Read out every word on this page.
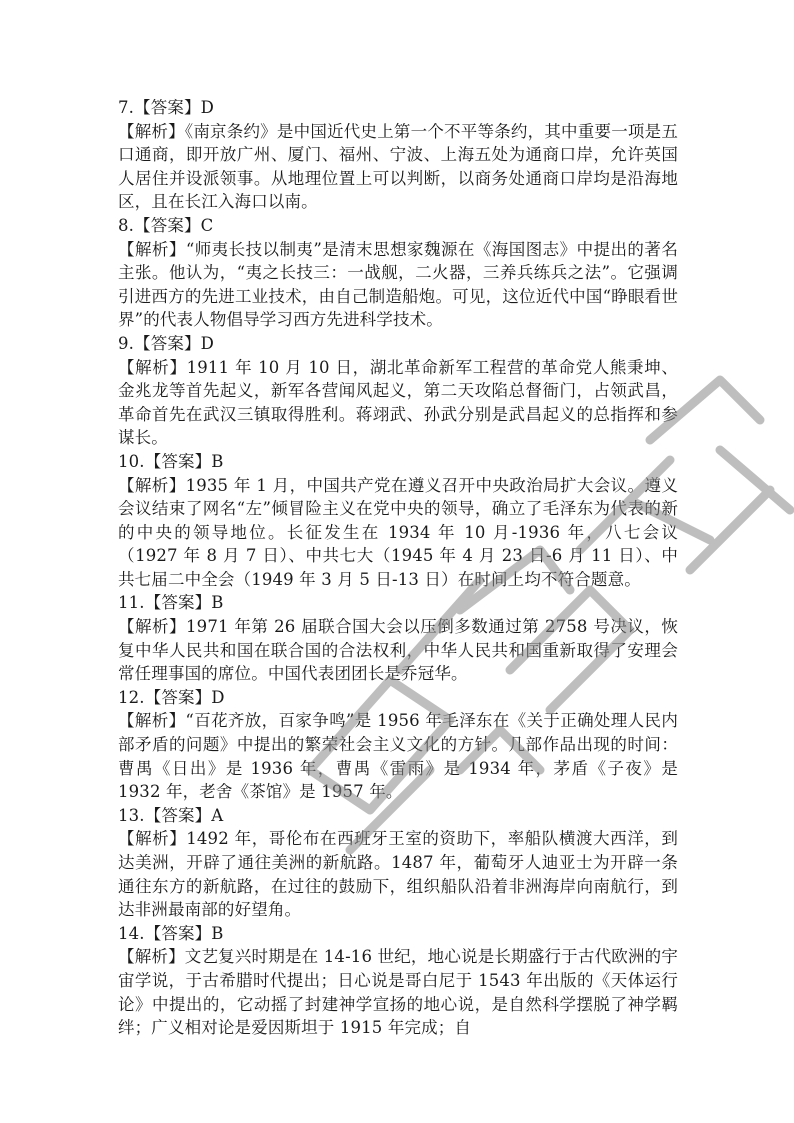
7.【答案】D

【解析】《南京条约》是中国近代史上第一个不平等条约，其中重要一项是五口通商，即开放广州、厦门、福州、宁波、上海五处为通商口岸，允许英国人居住并设派领事。从地理位置上可以判断，以商务处通商口岸均是沿海地区，且在长江入海口以南。

8.【答案】C

【解析】“师夷长技以制夷”是清末思想家魏源在《海国图志》中提出的著名主张。他认为，“夷之长技三：一战舰，二火器，三养兵练兵之法”。它强调引进西方的先进工业技术，由自己制造船炮。可见，这位近代中国“睁眼看世界”的代表人物倡导学习西方先进科学技术。

9.【答案】D

【解析】1911 年 10 月 10 日，湖北革命新军工程营的革命党人熊秉坤、金兆龙等首先起义，新军各营闻风起义，第二天攻陷总督衙门，占领武昌，革命首先在武汉三镇取得胜利。蒋翊武、孙武分别是武昌起义的总指挥和参谋长。

10.【答案】B

【解析】1935 年 1 月，中国共产党在遵义召开中央政治局扩大会议。遵义会议结束了网名“左”倾冒险主义在党中央的领导，确立了毛泽东为代表的新的中央的领导地位。长征发生在 1934 年 10 月-1936 年，八七会议（1927 年 8 月 7 日）、中共七大（1945 年 4 月 23 日-6 月 11 日）、中共七届二中全会（1949 年 3 月 5 日-13 日）在时间上均不符合题意。

11.【答案】B

【解析】1971 年第 26 届联合国大会以压倒多数通过第 2758 号决议，恢复中华人民共和国在联合国的合法权利，中华人民共和国重新取得了安理会常任理事国的席位。中国代表团团长是乔冠华。

12.【答案】D

【解析】“百花齐放，百家争鸣”是 1956 年毛泽东在《关于正确处理人民内部矛盾的问题》中提出的繁荣社会主义文化的方针。几部作品出现的时间：曹禺《日出》是 1936 年，曹禺《雷雨》是 1934 年，茅盾《子夜》是 1932 年，老舍《茶馆》是 1957 年。

13.【答案】A

【解析】1492 年，哥伦布在西班牙王室的资助下，率船队横渡大西洋，到达美洲，开辟了通往美洲的新航路。1487 年，葡萄牙人迪亚士为开辟一条通往东方的新航路，在过往的鼓励下，组织船队沿着非洲海岸向南航行，到达非洲最南部的好望角。

14.【答案】B

【解析】文艺复兴时期是在 14-16 世纪，地心说是长期盛行于古代欧洲的宇宙学说，于古希腊时代提出；日心说是哥白尼于 1543 年出版的《天体运行论》中提出的，它动摇了封建神学宣扬的地心说，是自然科学摆脱了神学羁绊；广义相对论是爱因斯坦于 1915 年完成；自
